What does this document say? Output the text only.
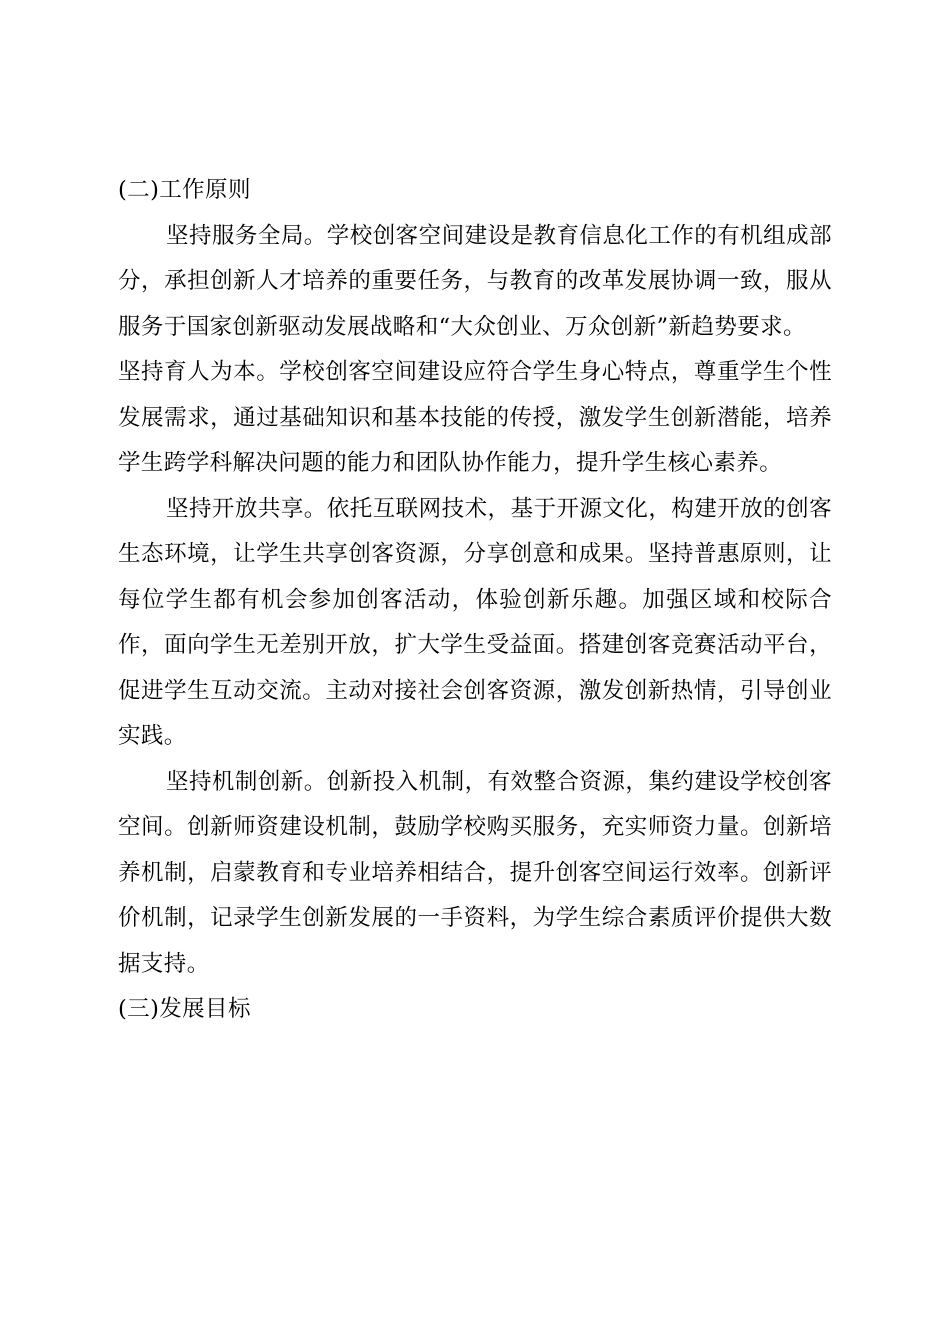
(二)工作原则

坚持服务全局。学校创客空间建设是教育信息化工作的有机组成部分，承担创新人才培养的重要任务，与教育的改革发展协调一致，服从服务于国家创新驱动发展战略和“大众创业、万众创新”新趋势要求。

坚持育人为本。学校创客空间建设应符合学生身心特点，尊重学生个性发展需求，通过基础知识和基本技能的传授，激发学生创新潜能，培养学生跨学科解决问题的能力和团队协作能力，提升学生核心素养。

坚持开放共享。依托互联网技术，基于开源文化，构建开放的创客生态环境，让学生共享创客资源，分享创意和成果。坚持普惠原则，让每位学生都有机会参加创客活动，体验创新乐趣。加强区域和校际合作，面向学生无差别开放，扩大学生受益面。搭建创客竞赛活动平台，促进学生互动交流。主动对接社会创客资源，激发创新热情，引导创业实践。

坚持机制创新。创新投入机制，有效整合资源，集约建设学校创客空间。创新师资建设机制，鼓励学校购买服务，充实师资力量。创新培养机制，启蒙教育和专业培养相结合，提升创客空间运行效率。创新评价机制，记录学生创新发展的一手资料，为学生综合素质评价提供大数据支持。

(三)发展目标
